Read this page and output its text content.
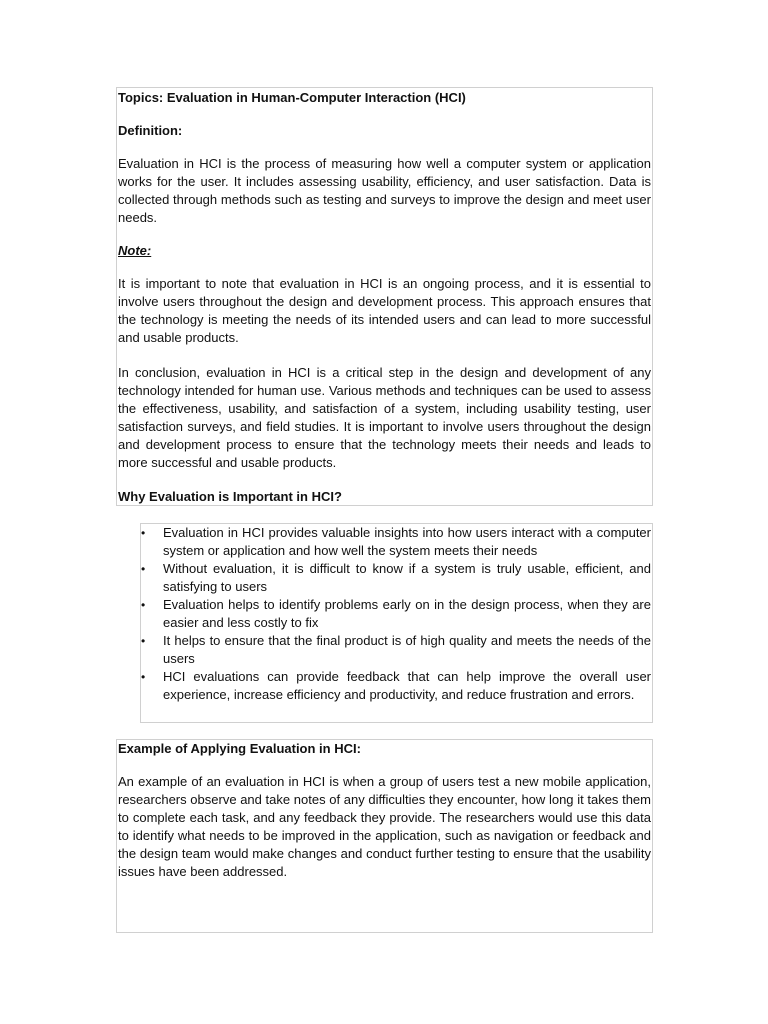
Topics: Evaluation in Human-Computer Interaction (HCI)

Definition:

Evaluation in HCI is the process of measuring how well a computer system or application works for the user. It includes assessing usability, efficiency, and user satisfaction. Data is collected through methods such as testing and surveys to improve the design and meet user needs.

Note:

It is important to note that evaluation in HCI is an ongoing process, and it is essential to involve users throughout the design and development process. This approach ensures that the technology is meeting the needs of its intended users and can lead to more successful and usable products.

In conclusion, evaluation in HCI is a critical step in the design and development of any technology intended for human use. Various methods and techniques can be used to assess the effectiveness, usability, and satisfaction of a system, including usability testing, user satisfaction surveys, and field studies. It is important to involve users throughout the design and development process to ensure that the technology meets their needs and leads to more successful and usable products.

Why Evaluation is Important in HCI?

•	Evaluation in HCI provides valuable insights into how users interact with a computer system or application and how well the system meets their needs
•	Without evaluation, it is difficult to know if a system is truly usable, efficient, and satisfying to users
•	Evaluation helps to identify problems early on in the design process, when they are easier and less costly to fix
•	It helps to ensure that the final product is of high quality and meets the needs of the users
•	HCI evaluations can provide feedback that can help improve the overall user experience, increase efficiency and productivity, and reduce frustration and errors.

Example of Applying Evaluation in HCI:

An example of an evaluation in HCI is when a group of users test a new mobile application, researchers observe and take notes of any difficulties they encounter, how long it takes them to complete each task, and any feedback they provide. The researchers would use this data to identify what needs to be improved in the application, such as navigation or feedback and the design team would make changes and conduct further testing to ensure that the usability issues have been addressed.
